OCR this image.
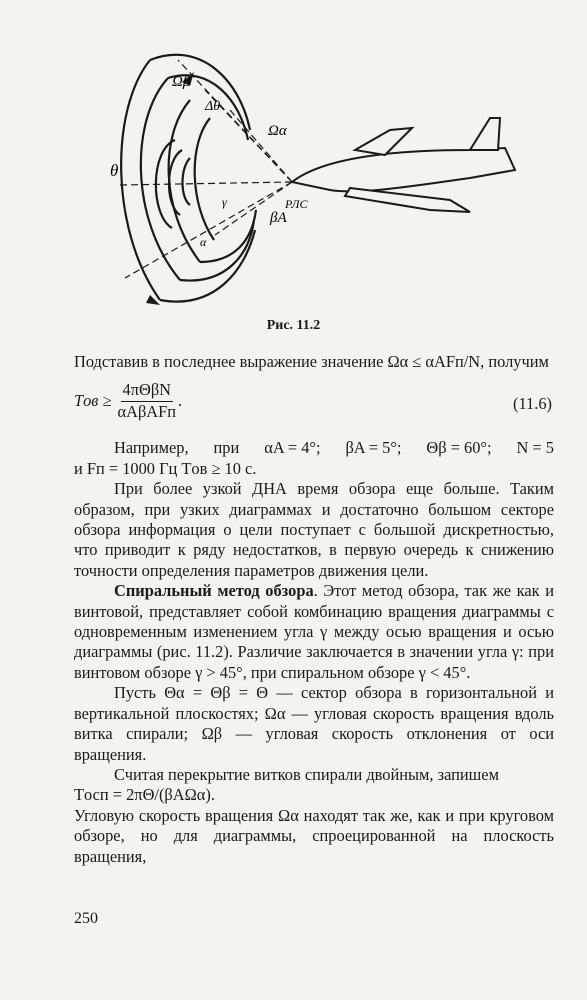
Ωβ
Δθ
Ωα
θ
РЛС
γ
βA
α
Рис. 11.2

Подставив в последнее выражение значение Ωα ≤ αAFп/N, получим

Tов ≥ $\frac{\text{4πΘβN}}{\text{αAβAFп}}$ .	(11.6)
Например, при αA = 4°; βA = 5°; Θβ = 60°; N = 5

и Fп = 1000 Гц Tов ≥ 10 с.

При более узкой ДНА время обзора еще больше. Таким образом, при узких диаграммах и достаточно большом секторе обзора информация о цели поступает с большой дискретностью, что приводит к ряду недостатков, в первую очередь к снижению точности определения параметров движения цели.

Спиральный метод обзора. Этот метод обзора, так же как и винтовой, представляет собой комбинацию вращения диаграммы с одновременным изменением угла γ между осью вращения и осью диаграммы (рис. 11.2). Различие заключается в значении угла γ: при винтовом обзоре γ > 45°, при спиральном обзоре γ < 45°.

Пусть Θα = Θβ = Θ — сектор обзора в горизонтальной и вертикальной плоскостях; Ωα — угловая скорость вращения вдоль витка спирали; Ωβ — угловая скорость отклонения от оси вращения.

Считая перекрытие витков спирали двойным, запишем

Tосп = 2πΘ/(βAΩα).

Угловую скорость вращения Ωα находят так же, как и при круговом обзоре, но для диаграммы, спроецированной на плоскость вращения,

250
